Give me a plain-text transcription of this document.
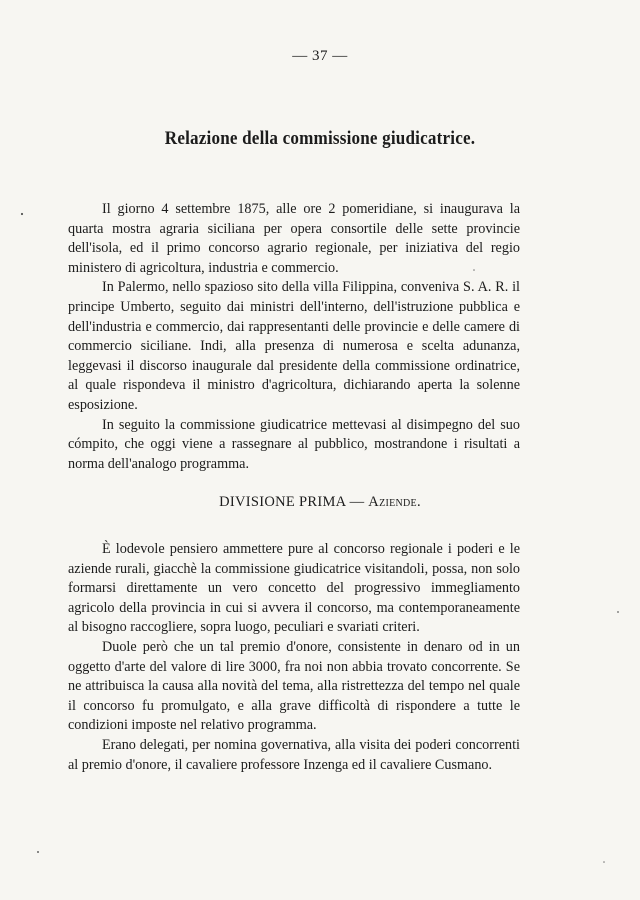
— 37 —
Relazione della commissione giudicatrice.

Il giorno 4 settembre 1875, alle ore 2 pomeridiane, si inaugurava la quarta mostra agraria siciliana per opera consortile delle sette provincie dell'isola, ed il primo concorso agrario regionale, per iniziativa del regio ministero di agricoltura, industria e commercio.

In Palermo, nello spazioso sito della villa Filippina, conveniva S. A. R. il principe Umberto, seguito dai ministri dell'interno, dell'istruzione pubblica e dell'industria e commercio, dai rappresentanti delle provincie e delle camere di commercio siciliane. Indi, alla presenza di numerosa e scelta adunanza, leggevasi il discorso inaugurale dal presidente della commissione ordinatrice, al quale rispondeva il ministro d'agricoltura, dichiarando aperta la solenne esposizione.

In seguito la commissione giudicatrice mettevasi al disimpegno del suo cómpito, che oggi viene a rassegnare al pubblico, mostrandone i risultati a norma dell'analogo programma.

DIVISIONE PRIMA — Aziende.

È lodevole pensiero ammettere pure al concorso regionale i poderi e le aziende rurali, giacchè la commissione giudicatrice visitandoli, possa, non solo formarsi direttamente un vero concetto del progressivo immegliamento agricolo della provincia in cui si avvera il concorso, ma contemporaneamente al bisogno raccogliere, sopra luogo, peculiari e svariati criteri.

Duole però che un tal premio d'onore, consistente in denaro od in un oggetto d'arte del valore di lire 3000, fra noi non abbia trovato concorrente. Se ne attribuisca la causa alla novità del tema, alla ristrettezza del tempo nel quale il concorso fu promulgato, e alla grave difficoltà di rispondere a tutte le condizioni imposte nel relativo programma.

Erano delegati, per nomina governativa, alla visita dei poderi concorrenti al premio d'onore, il cavaliere professore Inzenga ed il cavaliere Cusmano.
